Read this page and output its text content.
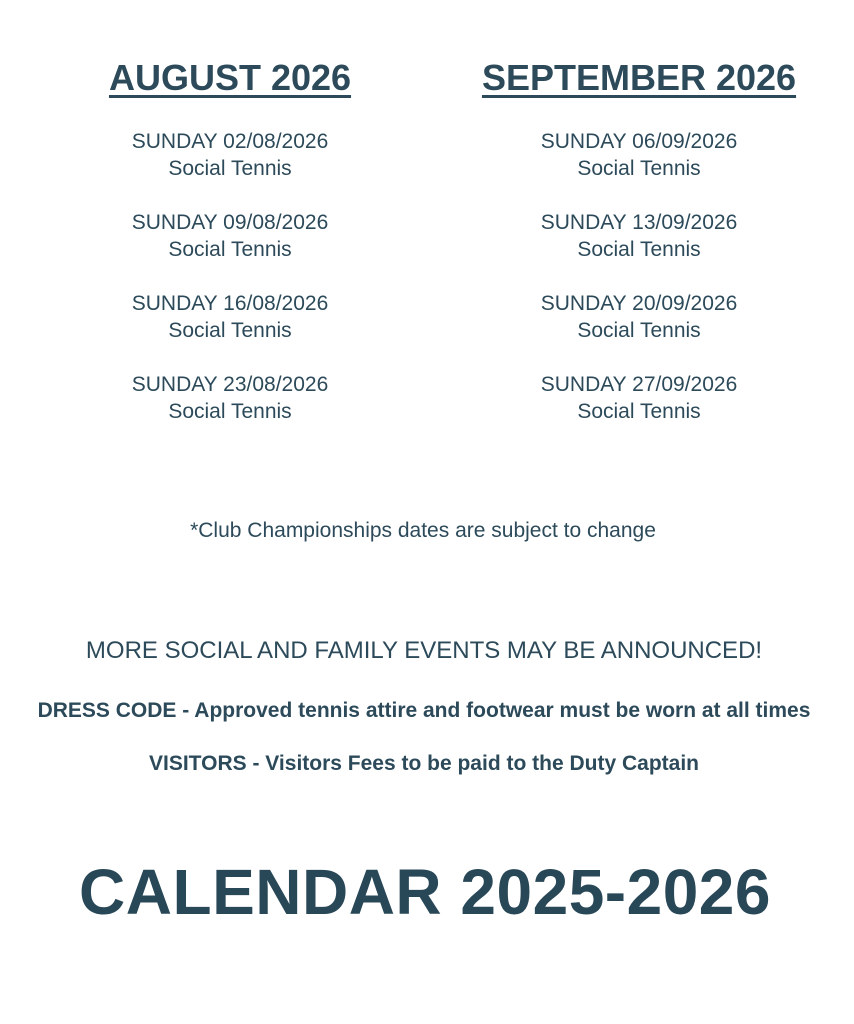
AUGUST 2026
SUNDAY 02/08/2026
Social Tennis
SUNDAY 09/08/2026
Social Tennis
SUNDAY 16/08/2026
Social Tennis
SUNDAY 23/08/2026
Social Tennis
SEPTEMBER 2026
SUNDAY 06/09/2026
Social Tennis
SUNDAY 13/09/2026
Social Tennis
SUNDAY 20/09/2026
Social Tennis
SUNDAY 27/09/2026
Social Tennis
*Club Championships dates are subject to change
MORE SOCIAL AND FAMILY EVENTS MAY BE ANNOUNCED!
DRESS CODE - Approved tennis attire and footwear must be worn at all times
VISITORS - Visitors Fees to be paid to the Duty Captain
CALENDAR 2025-2026
